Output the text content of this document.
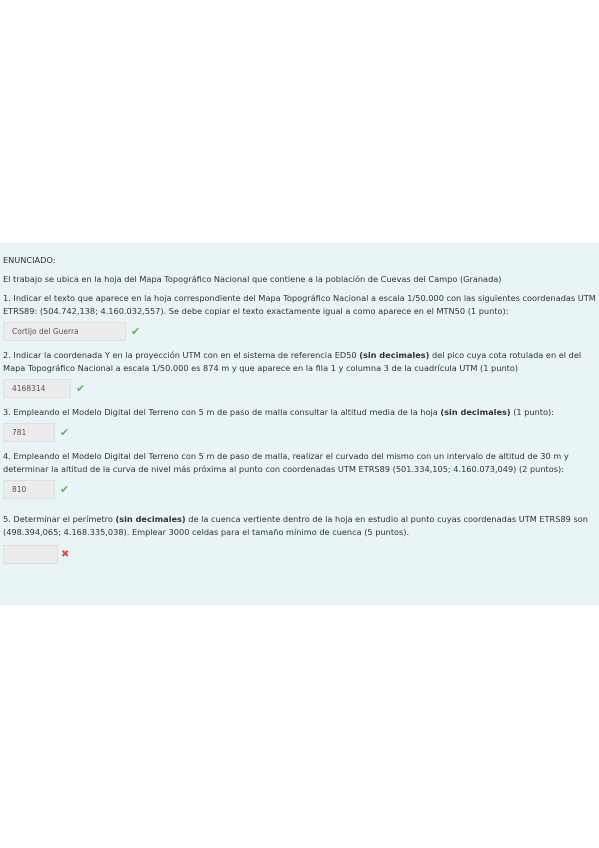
ENUNCIADO:

El trabajo se ubica en la hoja del Mapa Topográfico Nacional que contiene a la población de Cuevas del Campo (Granada)

1. Indicar el texto que aparece en la hoja correspondiente del Mapa Topográfico Nacional a escala 1/50.000 con las siguientes coordenadas UTM ETRS89: (504.742,138; 4.160.032,557). Se debe copiar el texto exactamente igual a como aparece en el MTN50 (1 punto):

Cortijo del Guerra	✔

2. Indicar la coordenada Y en la proyección UTM con en el sistema de referencia ED50 (sin decimales) del pico cuya cota rotulada en el del Mapa Topográfico Nacional a escala 1/50.000 es 874 m y que aparece en la fila 1 y columna 3 de la cuadrícula UTM (1 punto)

4168314	✔

3. Empleando el Modelo Digital del Terreno con 5 m de paso de malla consultar la altitud media de la hoja (sin decimales) (1 punto):

781	✔

4. Empleando el Modelo Digital del Terreno con 5 m de paso de malla, realizar el curvado del mismo con un intervalo de altitud de 30 m y determinar la altitud de la curva de nivel más próxima al punto con coordenadas UTM ETRS89 (501.334,105; 4.160.073,049) (2 puntos):

810	✔

5. Determinar el perímetro (sin decimales) de la cuenca vertiente dentro de la hoja en estudio al punto cuyas coordenadas UTM ETRS89 son (498.394,065; 4.168.335,038). Emplear 3000 celdas para el tamaño mínimo de cuenca (5 puntos).

✖
